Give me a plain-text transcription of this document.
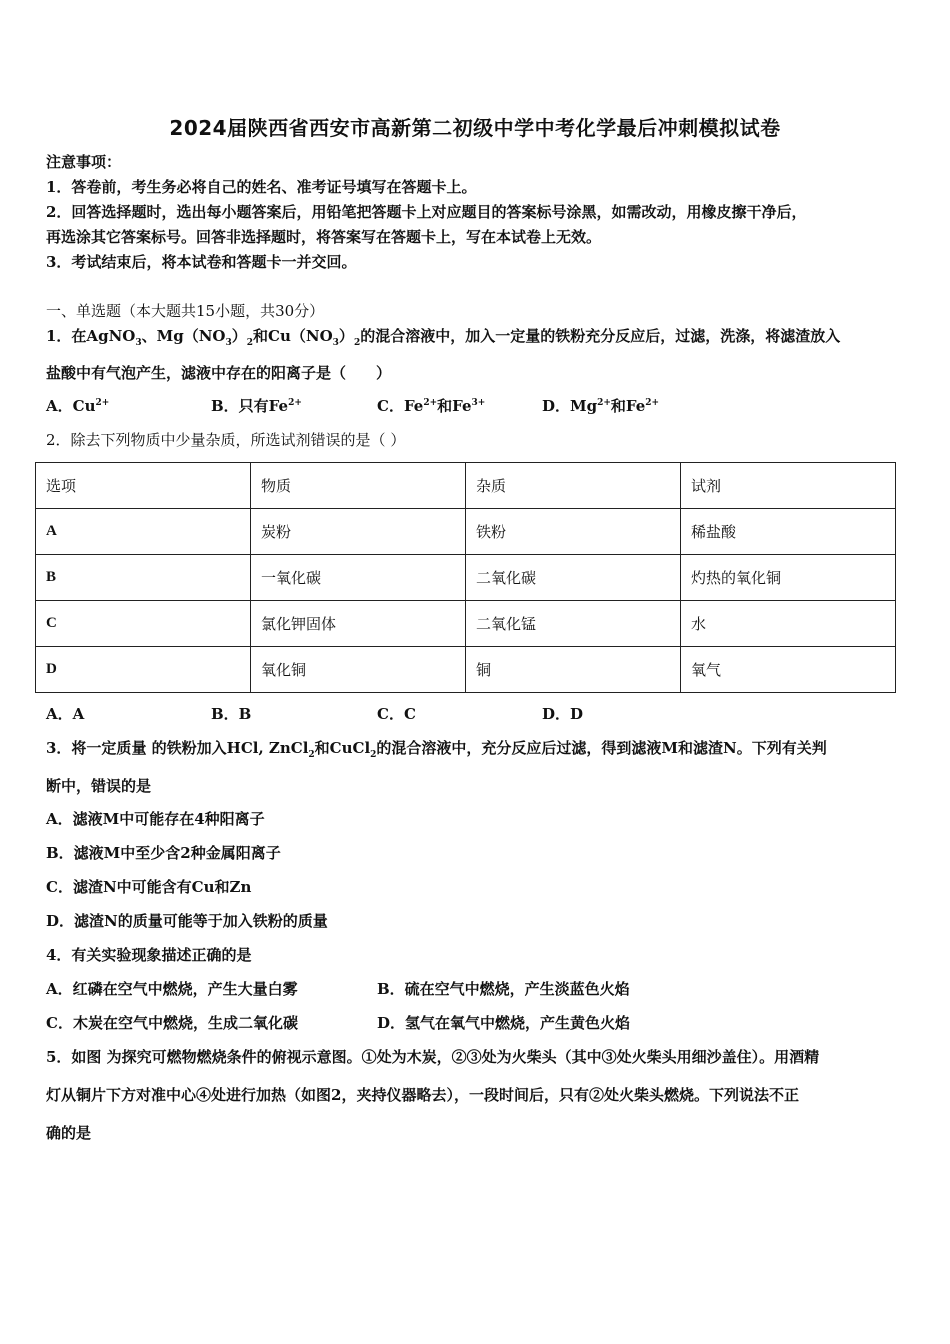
2024届陕西省西安市高新第二初级中学中考化学最后冲刺模拟试卷
注意事项：
1．答卷前，考生务必将自己的姓名、准考证号填写在答题卡上。
2．回答选择题时，选出每小题答案后，用铅笔把答题卡上对应题目的答案标号涂黑，如需改动，用橡皮擦干净后，
再选涂其它答案标号。回答非选择题时，将答案写在答题卡上，写在本试卷上无效。
3．考试结束后，将本试卷和答题卡一并交回。
一、单选题（本大题共15小题，共30分）
1．在AgNO$_3$、$Mg(NO_3)_2$和$Cu(NO_3)_2$的混合溶液中，加入一定量的铁粉充分反应后，过滤，洗涤，将滤渣放入
盐酸中有气泡产生，滤液中存在的阳离子是（　　）
A．$Cu^{2+}$	B．只有$Fe^{2+}$	C．$Fe^{2+}$和$Fe^{3+}$	D．$Mg^{2+}$和$Fe^{2+}$
2．除去下列物质中少量杂质，所选试剂错误的是（ ）
选项	物质	杂质	试剂
A	炭粉	铁粉	稀盐酸
B	一氧化碳	二氧化碳	灼热的氧化铜
C	氯化钾固体	二氧化锰	水
D	氧化铜	铜	氧气
A．A	B．B	C．C	D．D
3．将一定质量 的铁粉加入HCl, ZnCl$_2$和CuCl$_2$的混合溶液中，充分反应后过滤，得到滤液M和滤渣N。下列有关判
断中，错误的是
A．滤液M中可能存在4种阳离子
B．滤液M中至少含2种金属阳离子
C．滤渣N中可能含有Cu和Zn
D．滤渣N的质量可能等于加入铁粉的质量
4．有关实验现象描述正确的是
A．红磷在空气中燃烧，产生大量白雾	B．硫在空气中燃烧，产生淡蓝色火焰
C．木炭在空气中燃烧，生成二氧化碳	D．氢气在氧气中燃烧，产生黄色火焰
5．如图 为探究可燃物燃烧条件的俯视示意图。①处为木炭，②③处为火柴头（其中③处火柴头用细沙盖住）。用酒精
灯从铜片下方对准中心④处进行加热（如图2，夹持仪器略去），一段时间后，只有②处火柴头燃烧。下列说法不正
确的是
